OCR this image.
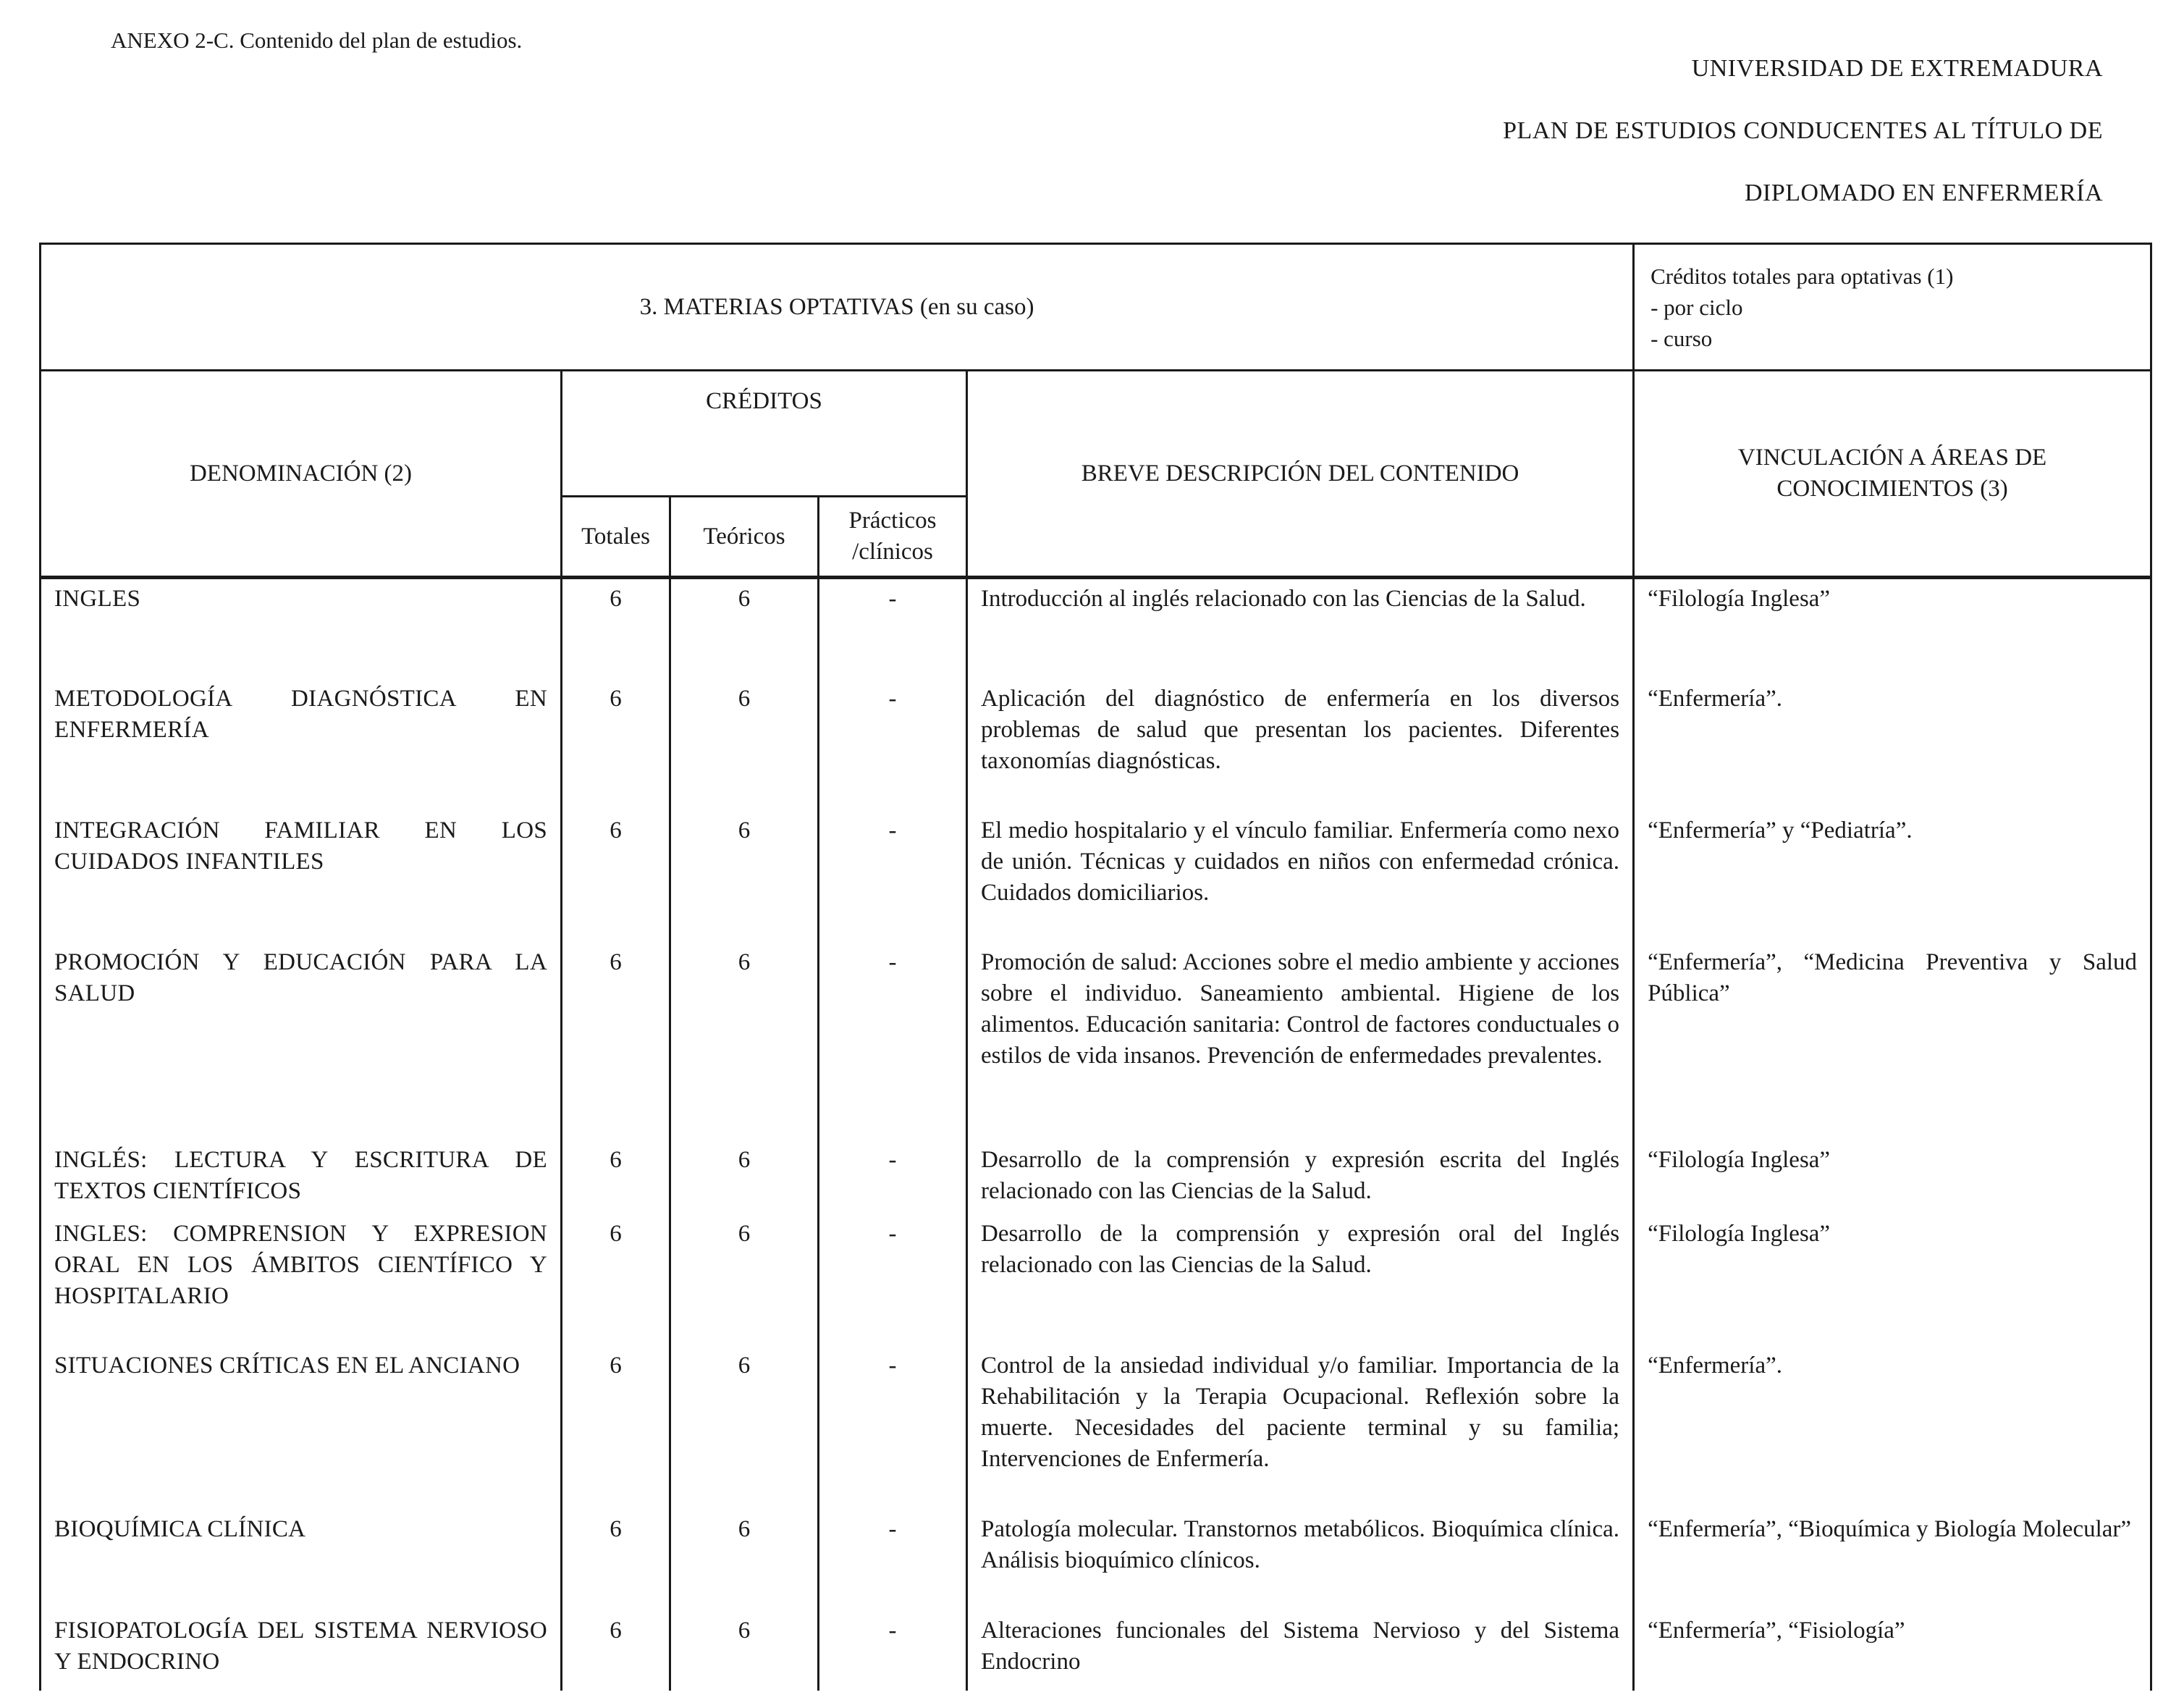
ANEXO 2-C. Contenido del plan de estudios.
UNIVERSIDAD DE EXTREMADURA
PLAN DE ESTUDIOS CONDUCENTES AL TÍTULO DE
DIPLOMADO EN ENFERMERÍA
3. MATERIAS OPTATIVAS (en su caso)					Créditos totales para optativas (1)
- por ciclo
- curso

DENOMINACIÓN (2)	CRÉDITOS			BREVE DESCRIPCIÓN DEL CONTENIDO	VINCULACIÓN A ÁREAS DE CONOCIMIENTOS (3)
	Totales	Teóricos	Prácticos /clínicos		
INGLES	6	6	-	Introducción al inglés relacionado con las Ciencias de la Salud.	“Filología Inglesa”
METODOLOGÍA DIAGNÓSTICA EN ENFERMERÍA	6	6	-	Aplicación del diagnóstico de enfermería en los diversos problemas de salud que presentan los pacientes. Diferentes taxonomías diagnósticas.	“Enfermería”.
INTEGRACIÓN FAMILIAR EN LOS CUIDADOS INFANTILES	6	6	-	El medio hospitalario y el vínculo familiar. Enfermería como nexo de unión. Técnicas y cuidados en niños con enfermedad crónica. Cuidados domiciliarios.	“Enfermería” y “Pediatría”.
PROMOCIÓN Y EDUCACIÓN PARA LA SALUD	6	6	-	Promoción de salud: Acciones sobre el medio ambiente y acciones sobre el individuo. Saneamiento ambiental. Higiene de los alimentos. Educación sanitaria: Control de factores conductuales o estilos de vida insanos. Prevención de enfermedades prevalentes.	“Enfermería”, “Medicina Preventiva y Salud Pública”
INGLÉS: LECTURA Y ESCRITURA DE TEXTOS CIENTÍFICOS	6	6	-	Desarrollo de la comprensión y expresión escrita del Inglés relacionado con las Ciencias de la Salud.	“Filología Inglesa”
INGLES: COMPRENSION Y EXPRESION ORAL EN LOS ÁMBITOS CIENTÍFICO Y HOSPITALARIO	6	6	-	Desarrollo de la comprensión y expresión oral del Inglés relacionado con las Ciencias de la Salud.	“Filología Inglesa”
SITUACIONES CRÍTICAS EN EL ANCIANO	6	6	-	Control de la ansiedad individual y/o familiar. Importancia de la Rehabilitación y la Terapia Ocupacional. Reflexión sobre la muerte. Necesidades del paciente terminal y su familia; Intervenciones de Enfermería.	“Enfermería”.
BIOQUÍMICA CLÍNICA	6	6	-	Patología molecular. Transtornos metabólicos. Bioquímica clínica. Análisis bioquímico clínicos.	“Enfermería”, “Bioquímica y Biología Molecular”
FISIOPATOLOGÍA DEL SISTEMA NERVIOSO Y ENDOCRINO	6	6	-	Alteraciones funcionales del Sistema Nervioso y del Sistema Endocrino	“Enfermería”, “Fisiología”
